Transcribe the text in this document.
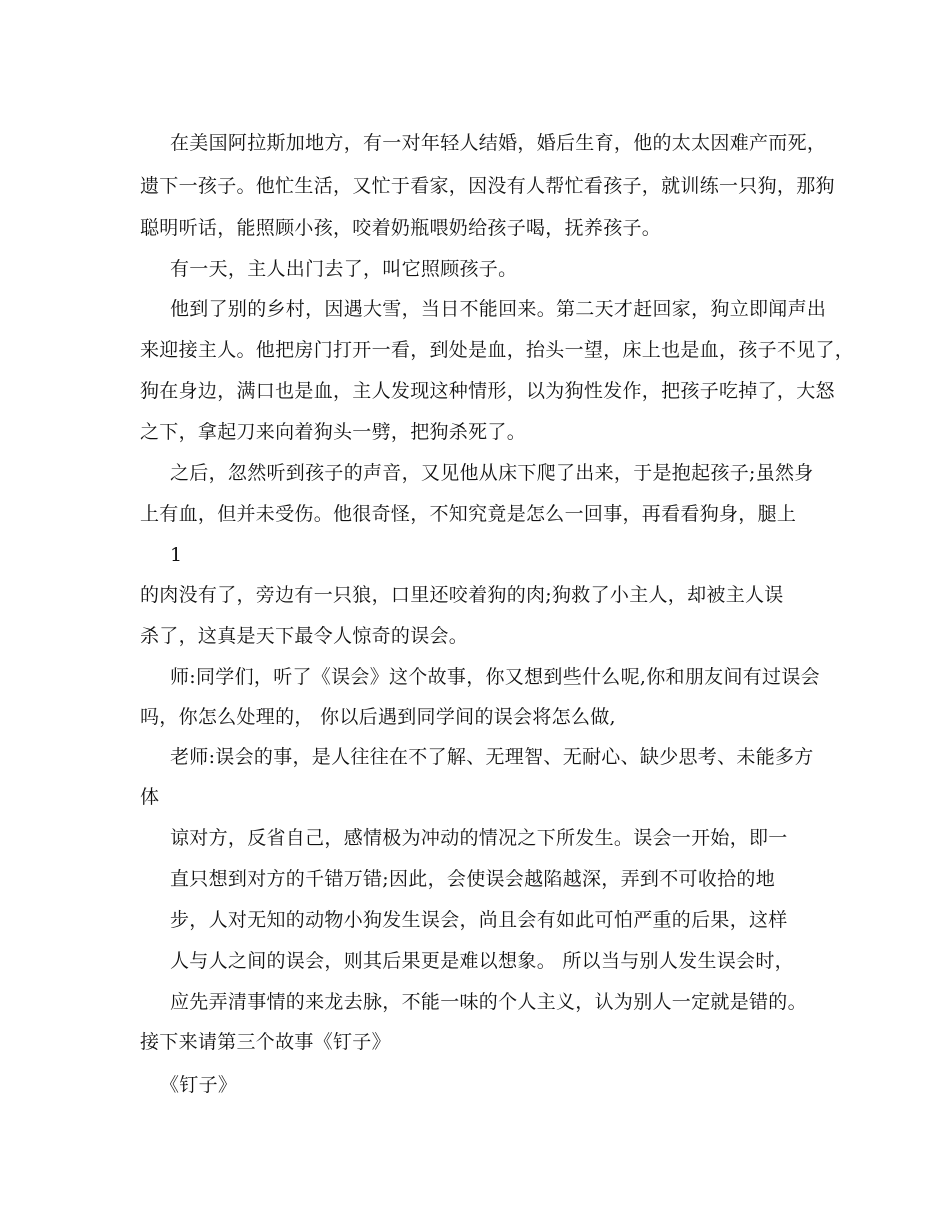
在美国阿拉斯加地方，有一对年轻人结婚，婚后生育，他的太太因难产而死，
遗下一孩子。他忙生活，又忙于看家，因没有人帮忙看孩子，就训练一只狗，那狗
聪明听话，能照顾小孩，咬着奶瓶喂奶给孩子喝，抚养孩子。
有一天，主人出门去了，叫它照顾孩子。
他到了别的乡村，因遇大雪，当日不能回来。第二天才赶回家，狗立即闻声出
来迎接主人。他把房门打开一看，到处是血，抬头一望，床上也是血，孩子不见了，
狗在身边，满口也是血，主人发现这种情形，以为狗性发作，把孩子吃掉了，大怒
之下，拿起刀来向着狗头一劈，把狗杀死了。
之后，忽然听到孩子的声音，又见他从床下爬了出来，于是抱起孩子;虽然身
上有血，但并未受伤。他很奇怪，不知究竟是怎么一回事，再看看狗身，腿上
1
的肉没有了，旁边有一只狼，口里还咬着狗的肉;狗救了小主人，却被主人误
杀了，这真是天下最令人惊奇的误会。
师:同学们，听了《误会》这个故事，你又想到些什么呢,你和朋友间有过误会
吗，你怎么处理的， 你以后遇到同学间的误会将怎么做,
老师:误会的事，是人往往在不了解、无理智、无耐心、缺少思考、未能多方
体
谅对方，反省自己，感情极为冲动的情况之下所发生。误会一开始，即一
直只想到对方的千错万错;因此，会使误会越陷越深，弄到不可收拾的地
步，人对无知的动物小狗发生误会，尚且会有如此可怕严重的后果，这样
人与人之间的误会，则其后果更是难以想象。 所以当与别人发生误会时，
应先弄清事情的来龙去脉，不能一味的个人主义，认为别人一定就是错的。
接下来请第三个故事《钉子》
《钉子》
